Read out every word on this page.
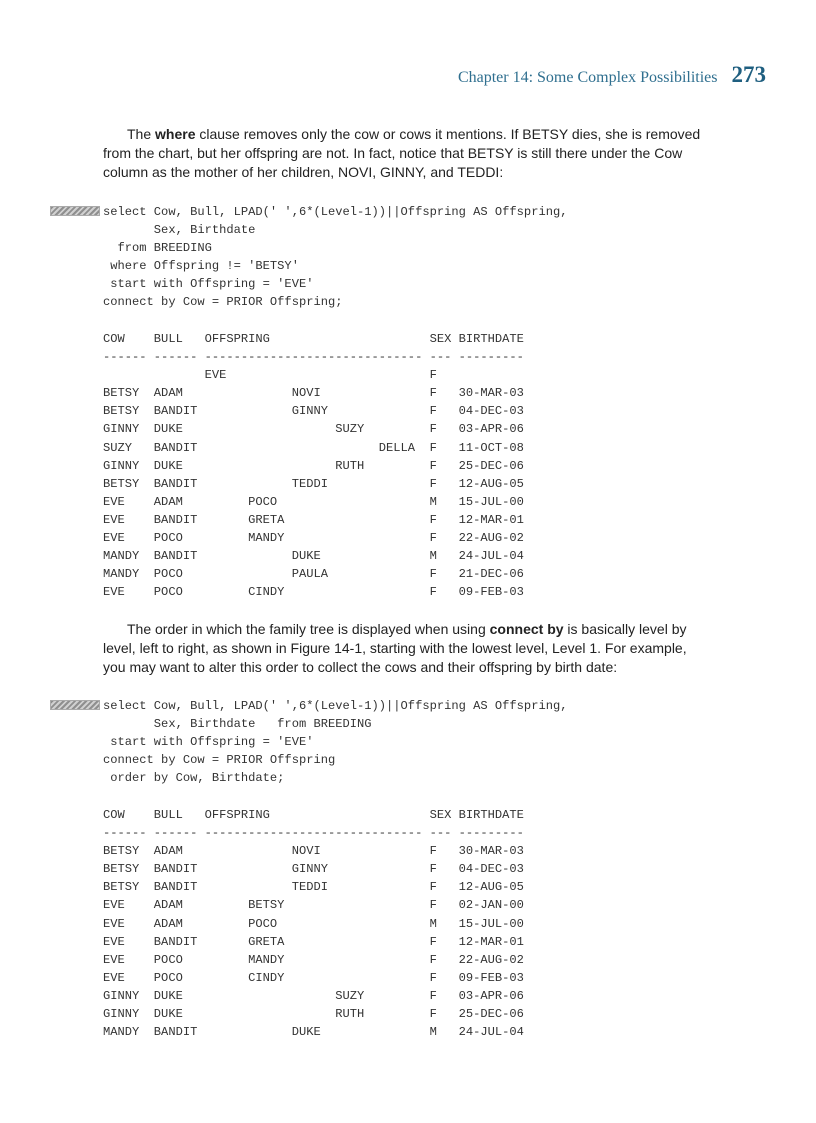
Chapter 14: Some Complex Possibilities 273

The where clause removes only the cow or cows it mentions. If BETSY dies, she is removed from the chart, but her offspring are not. In fact, notice that BETSY is still there under the Cow column as the mother of her children, NOVI, GINNY, and TEDDI:

select Cow, Bull, LPAD(' ',6*(Level-1))||Offspring AS Offspring,
Sex, Birthdate
from BREEDING
where Offspring != 'BETSY'
start with Offspring = 'EVE'
connect by Cow = PRIOR Offspring;
COW    BULL   OFFSPRING                      SEX BIRTHDATE
------ ------ ------------------------------ --- ---------
EVE                            F
BETSY  ADAM               NOVI               F   30-MAR-03
BETSY  BANDIT             GINNY              F   04-DEC-03
GINNY  DUKE                     SUZY         F   03-APR-06
SUZY   BANDIT                         DELLA  F   11-OCT-08
GINNY  DUKE                     RUTH         F   25-DEC-06
BETSY  BANDIT             TEDDI              F   12-AUG-05
EVE    ADAM         POCO                     M   15-JUL-00
EVE    BANDIT       GRETA                    F   12-MAR-01
EVE    POCO         MANDY                    F   22-AUG-02
MANDY  BANDIT             DUKE               M   24-JUL-04
MANDY  POCO               PAULA              F   21-DEC-06
EVE    POCO         CINDY                    F   09-FEB-03

The order in which the family tree is displayed when using connect by is basically level by level, left to right, as shown in Figure 14-1, starting with the lowest level, Level 1. For example, you may want to alter this order to collect the cows and their offspring by birth date:

select Cow, Bull, LPAD(' ',6*(Level-1))||Offspring AS Offspring,
Sex, Birthdate   from BREEDING
start with Offspring = 'EVE'
connect by Cow = PRIOR Offspring
order by Cow, Birthdate;
COW    BULL   OFFSPRING                      SEX BIRTHDATE
------ ------ ------------------------------ --- ---------
BETSY  ADAM               NOVI               F   30-MAR-03
BETSY  BANDIT             GINNY              F   04-DEC-03
BETSY  BANDIT             TEDDI              F   12-AUG-05
EVE    ADAM         BETSY                    F   02-JAN-00
EVE    ADAM         POCO                     M   15-JUL-00
EVE    BANDIT       GRETA                    F   12-MAR-01
EVE    POCO         MANDY                    F   22-AUG-02
EVE    POCO         CINDY                    F   09-FEB-03
GINNY  DUKE                     SUZY         F   03-APR-06
GINNY  DUKE                     RUTH         F   25-DEC-06
MANDY  BANDIT             DUKE               M   24-JUL-04
